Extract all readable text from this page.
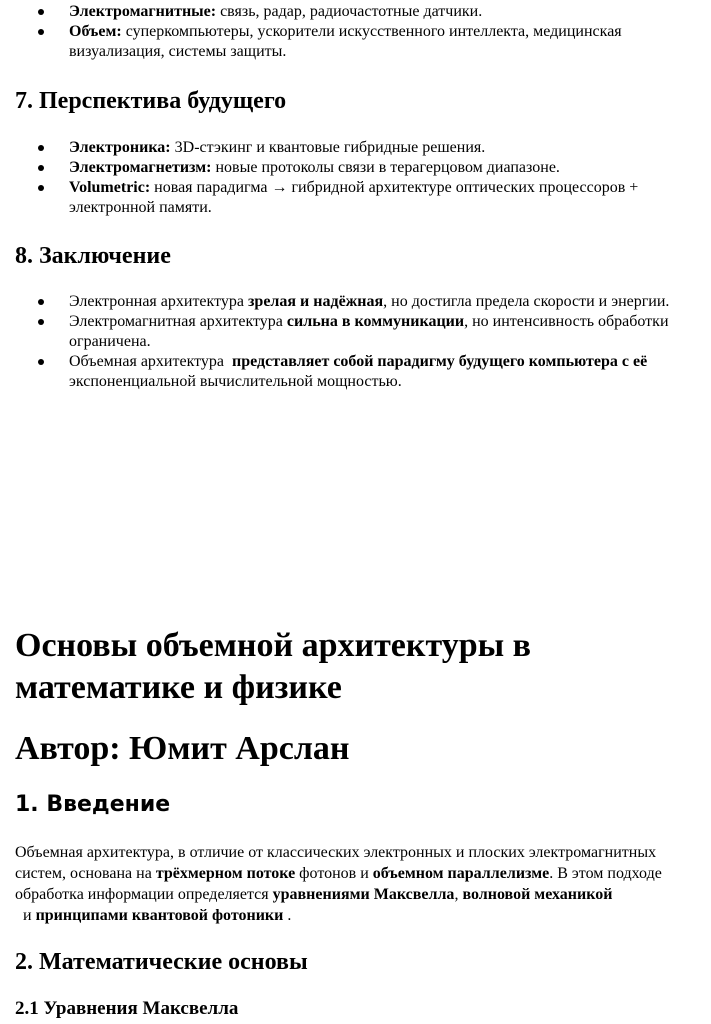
Электромагнитные: связь, радар, радиочастотные датчики.
Объем: суперкомпьютеры, ускорители искусственного интеллекта, медицинская визуализация, системы защиты.
7. Перспектива будущего
Электроника: 3D-стэкинг и квантовые гибридные решения.
Электромагнетизм: новые протоколы связи в терагерцовом диапазоне.
Volumetric: новая парадигма → гибридной архитектуре оптических процессоров + электронной памяти.
8. Заключение
Электронная архитектура зрелая и надёжная, но достигла предела скорости и энергии.
Электромагнитная архитектура сильна в коммуникации, но интенсивность обработки ограничена.
Объемная архитектура  представляет собой парадигму будущего компьютера с её экспоненциальной вычислительной мощностью.
Основы объемной архитектуры в математике и физике
Автор: Юмит Арслан
1. Введение

Объемная архитектура, в отличие от классических электронных и плоских электромагнитных систем, основана на трёхмерном потоке фотонов и объемном параллелизме. В этом подходе обработка информации определяется уравнениями Максвелла, волновой механикой  и принципами квантовой фотоники .

2. Математические основы
2.1 Уравнения Максвелла
